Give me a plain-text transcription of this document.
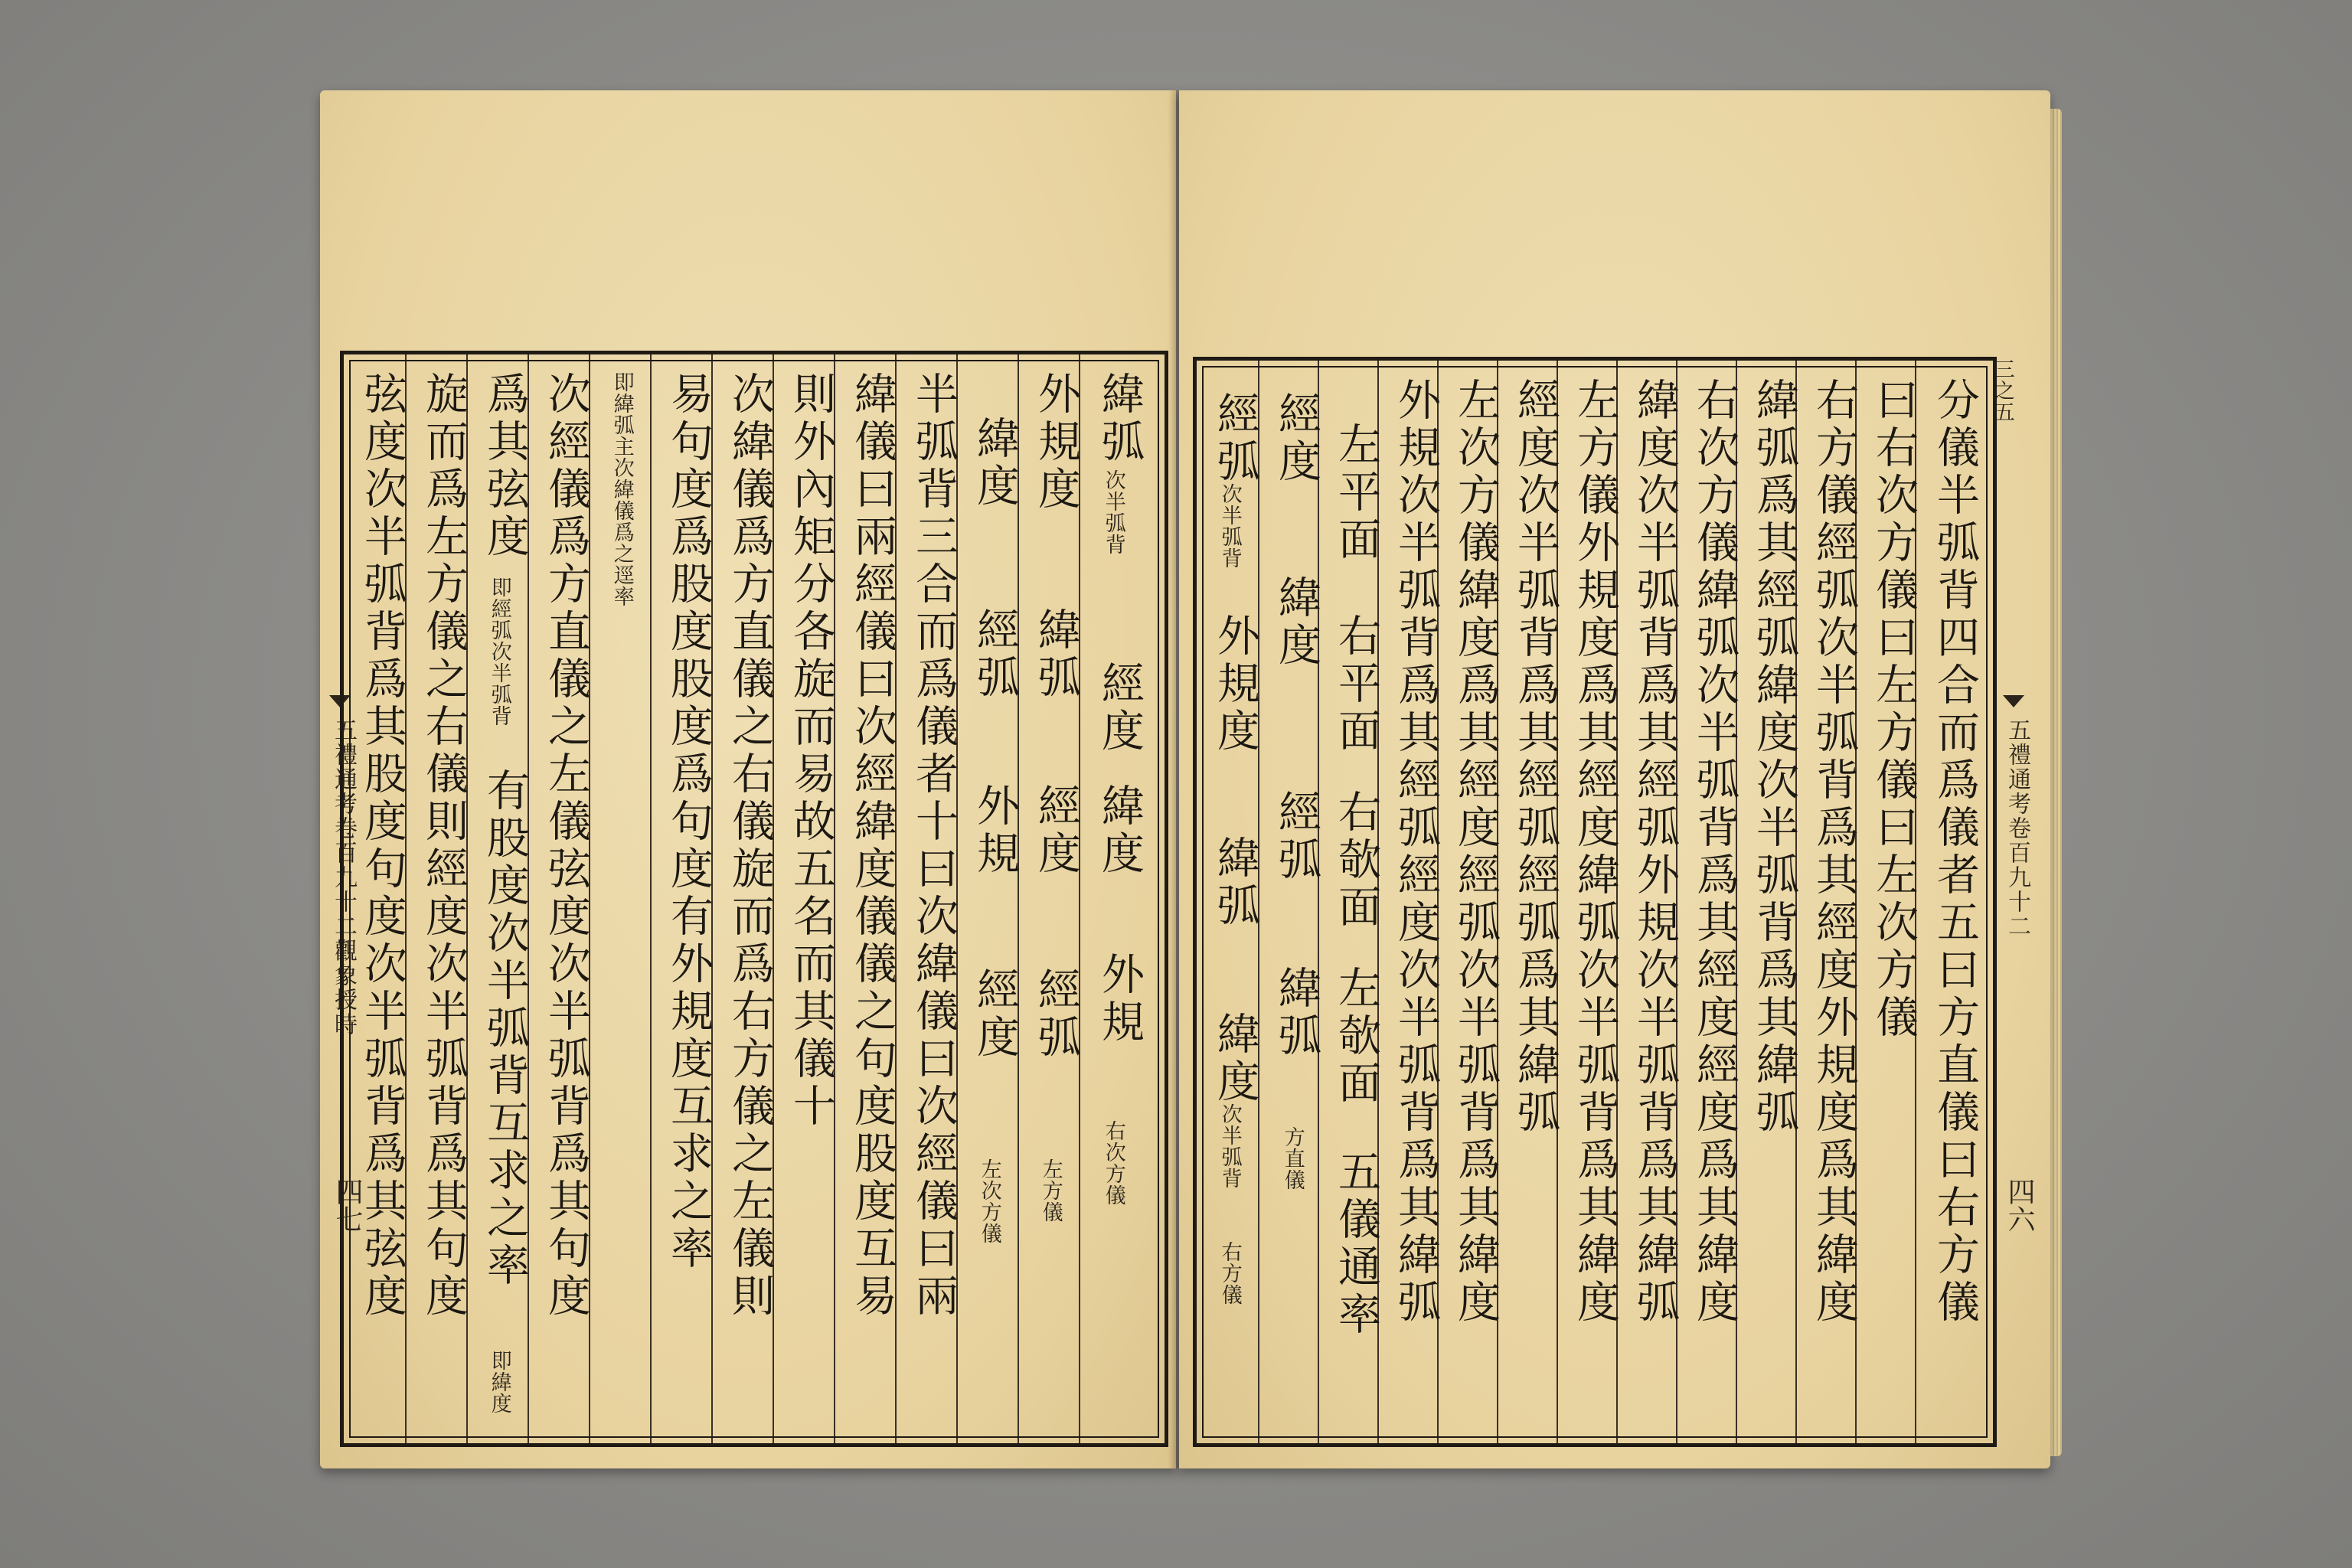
五禮通考卷百九十二觀象授時
四七
緯弧
次半弧背
經度
緯度
外規
右次方儀
外規度
緯弧
經度
經弧
左方儀
緯度
經弧
外規
經度
左次方儀
半弧背三合而爲儀者十曰次緯儀曰次經儀曰兩
緯儀曰兩經儀曰次經緯度儀儀之句度股度互易
則外內矩分各旋而易故五名而其儀十
次緯儀爲方直儀之右儀旋而爲右方儀之左儀則
易句度爲股度股度爲句度有外規度互求之率
即緯弧主次緯儀爲之逕率
次經儀爲方直儀之左儀弦度次半弧背爲其句度
爲其弦度
即經弧次半弧背
有股度次半弧背互求之率
即緯度
旋而爲左方儀之右儀則經度次半弧背爲其句度
弦度次半弧背爲其股度句度次半弧背爲其弦度	三之五
五禮通考卷百九十二
四六
分儀半弧背四合而爲儀者五曰方直儀曰右方儀
曰右次方儀曰左方儀曰左次方儀
右方儀經弧次半弧背爲其經度外規度爲其緯度
緯弧爲其經弧緯度次半弧背爲其緯弧
右次方儀緯弧次半弧背爲其經度經度爲其緯度
緯度次半弧背爲其經弧外規次半弧背爲其緯弧
左方儀外規度爲其經度緯弧次半弧背爲其緯度
經度次半弧背爲其經弧經弧爲其緯弧
左次方儀緯度爲其經度經弧次半弧背爲其緯度
外規次半弧背爲其經弧經度次半弧背爲其緯弧
左平面
右平面
右欹面
左欹面
五儀通率
經度
緯度
經弧
緯弧
方直儀
經弧
次半弧背
外規度
緯弧
緯度
次半弧背
右方儀
